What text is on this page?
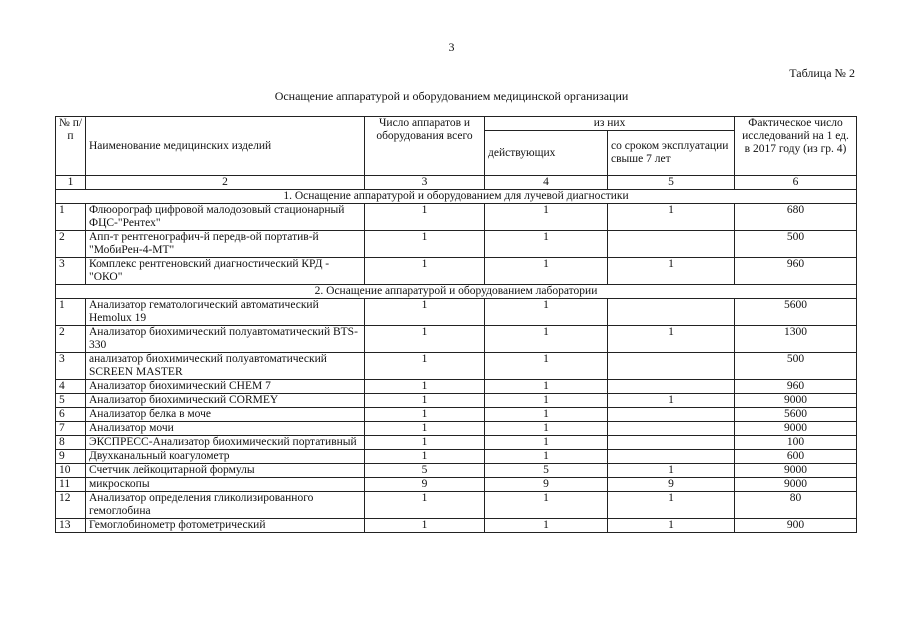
3
Таблица № 2
Оснащение аппаратурой и оборудованием медицинской организации
№ п/п	Наименование медицинских изделий	Число аппаратов и оборудования всего	из них		Фактическое число исследований на 1 ед. в 2017 году (из гр. 4)
			действующих	со сроком эксплуатации свыше 7 лет	
1	2	3	4	5	6
1. Оснащение аппаратурой и оборудованием для лучевой диагностики					
1	Флюорограф цифровой малодозовый стационарный ФЦС-"Рентех"	1	1	1	680
2	Апп-т рентгенографич-й передв-ой портатив-й "МобиРен-4-МТ"	1	1		500
3	Комплекс рентгеновский диагностический КРД -"ОКО"	1	1	1	960
2. Оснащение аппаратурой и оборудованием лаборатории					
1	Анализатор гематологический автоматический Hemolux 19	1	1		5600
2	Анализатор биохимический полуавтоматический BTS-330	1	1	1	1300
3	анализатор биохимический полуавтоматический SCREEN MASTER	1	1		500
4	Анализатор биохимический CHEM 7	1	1		960
5	Анализатор биохимический CORMEY	1	1	1	9000
6	Анализатор белка в моче	1	1		5600
7	Анализатор мочи	1	1		9000
8	ЭКСПРЕСС-Анализатор биохимический портативный	1	1		100
9	Двухканальный коагулометр	1	1		600
10	Счетчик лейкоцитарной формулы	5	5	1	9000
11	микроскопы	9	9	9	9000
12	Анализатор определения гликолизированного гемоглобина	1	1	1	80
13	Гемоглобинометр фотометрический	1	1	1	900
